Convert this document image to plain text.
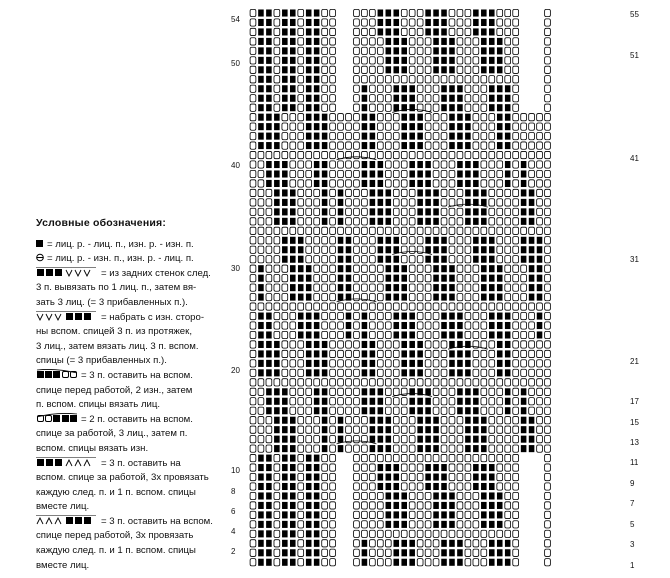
Условные обозначения:
= лиц. р. - лиц. п., изн. р. - изн. п.
= лиц. р. - изн. п., изн. р. - лиц. п.
= из задних стенок след.
3 п. вывязать по 1 лиц. п., затем вя-
зать 3 лиц. (= 3 прибавленных п.).
= набрать с изн. сторо-
ны вспом. спицей 3 п. из протяжек,
3 лиц., затем вязать лиц. 3 п. вспом.
спицы (= 3 прибавленных п.).
= 3 п. оставить на вспом.
спице перед работой, 2 изн., затем
п. вспом. спицы вязать лиц.
= 2 п. оставить на вспом.
спице за работой, 3 лиц., затем п.
вспом. спицы вязать изн.
= 3 п. оставить на
вспом. спице за работой, 3х провязать
каждую след. п. и 1 п. вспом. спицы
вместе лиц.
= 3 п. оставить на вспом.
спице перед работой, 3х провязать
каждую след. п. и 1 п. вспом. спицы
вместе лиц.
54
50
40
30
20
10
8
6
4
2
55
51
41
31
21
17
15
13
11
9
7
5
3
1
